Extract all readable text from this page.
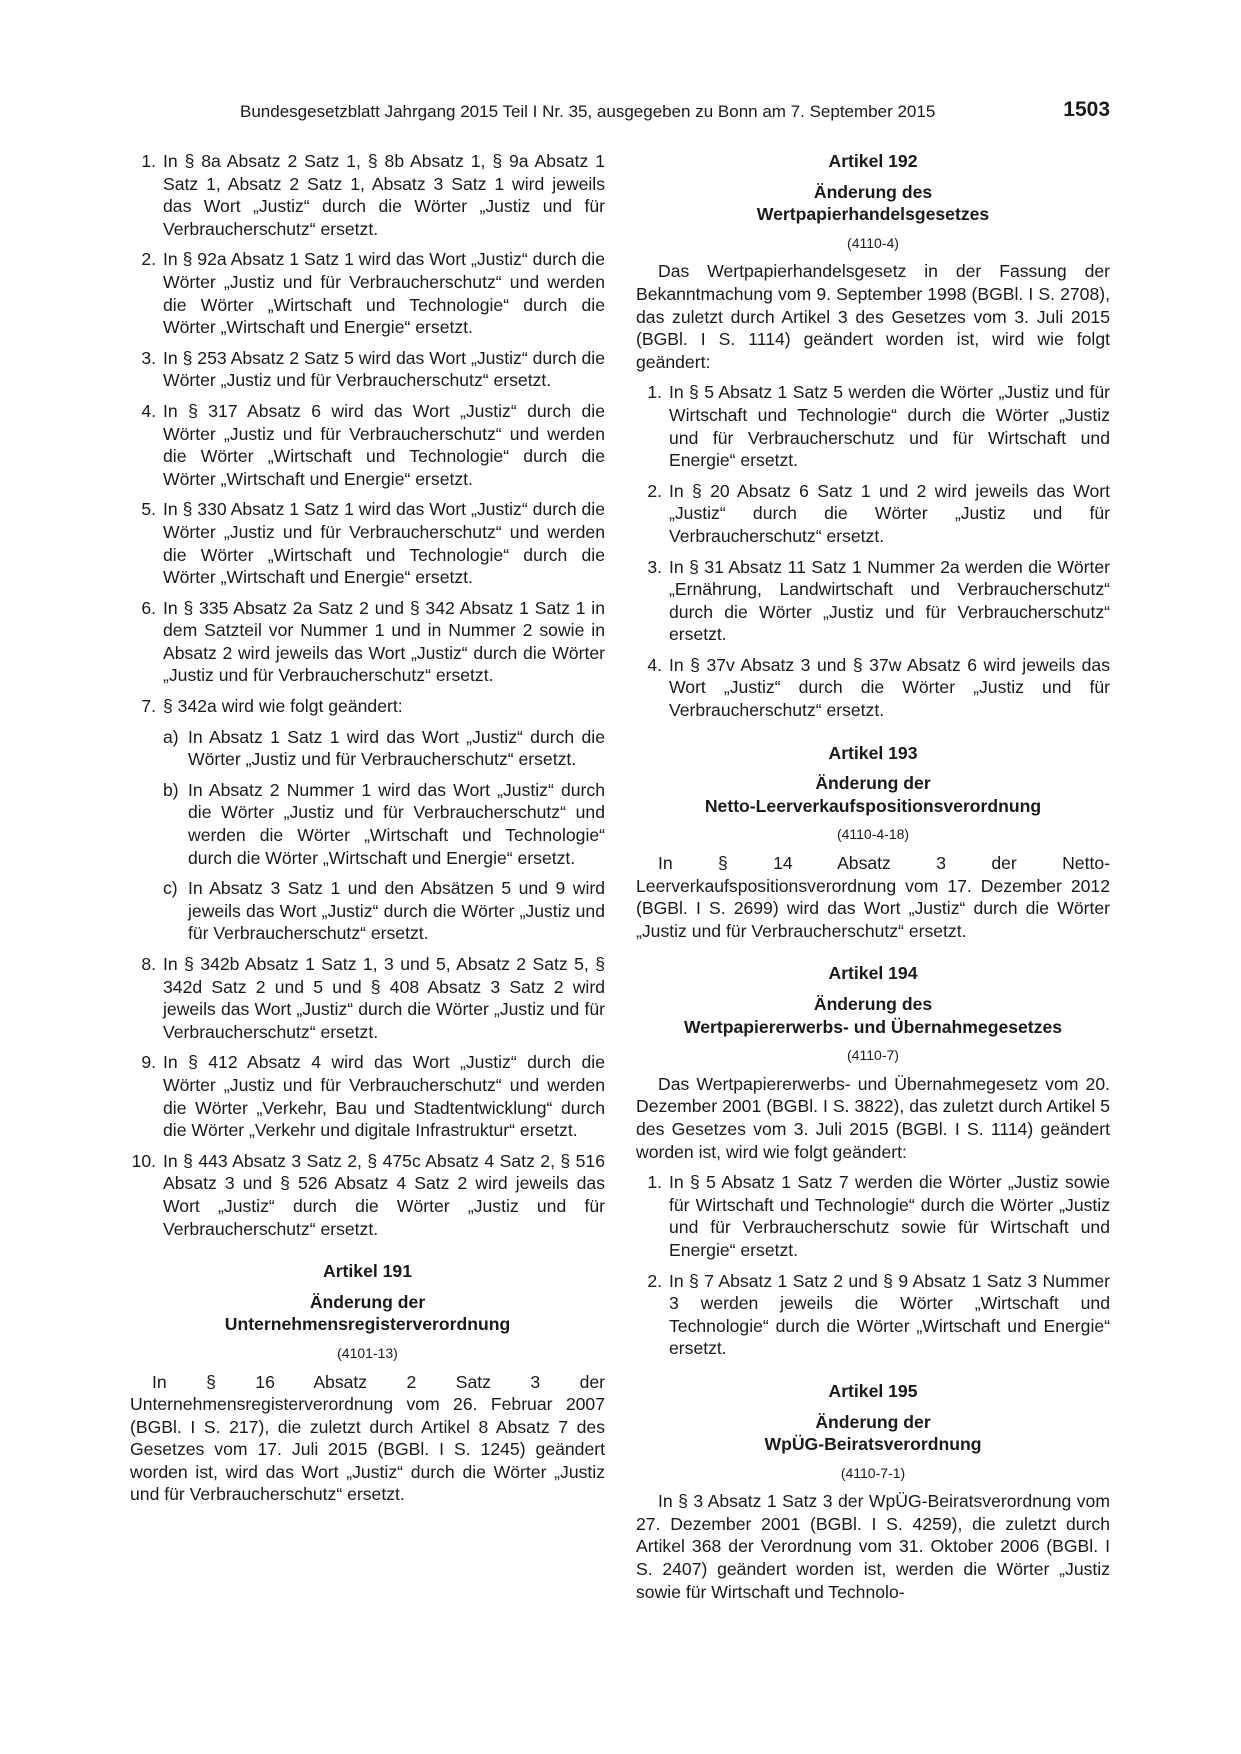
Bundesgesetzblatt Jahrgang 2015 Teil I Nr. 35, ausgegeben zu Bonn am 7. September 2015	1503
1. In § 8a Absatz 2 Satz 1, § 8b Absatz 1, § 9a Absatz 1 Satz 1, Absatz 2 Satz 1, Absatz 3 Satz 1 wird jeweils das Wort „Justiz“ durch die Wörter „Justiz und für Verbraucherschutz“ ersetzt.
2. In § 92a Absatz 1 Satz 1 wird das Wort „Justiz“ durch die Wörter „Justiz und für Verbraucherschutz“ und werden die Wörter „Wirtschaft und Technologie“ durch die Wörter „Wirtschaft und Energie“ ersetzt.
3. In § 253 Absatz 2 Satz 5 wird das Wort „Justiz“ durch die Wörter „Justiz und für Verbraucherschutz“ ersetzt.
4. In § 317 Absatz 6 wird das Wort „Justiz“ durch die Wörter „Justiz und für Verbraucherschutz“ und werden die Wörter „Wirtschaft und Technologie“ durch die Wörter „Wirtschaft und Energie“ ersetzt.
5. In § 330 Absatz 1 Satz 1 wird das Wort „Justiz“ durch die Wörter „Justiz und für Verbraucherschutz“ und werden die Wörter „Wirtschaft und Technologie“ durch die Wörter „Wirtschaft und Energie“ ersetzt.
6. In § 335 Absatz 2a Satz 2 und § 342 Absatz 1 Satz 1 in dem Satzteil vor Nummer 1 und in Nummer 2 sowie in Absatz 2 wird jeweils das Wort „Justiz“ durch die Wörter „Justiz und für Verbraucherschutz“ ersetzt.
7. § 342a wird wie folgt geändert:
a) In Absatz 1 Satz 1 wird das Wort „Justiz“ durch die Wörter „Justiz und für Verbraucherschutz“ ersetzt.
b) In Absatz 2 Nummer 1 wird das Wort „Justiz“ durch die Wörter „Justiz und für Verbraucherschutz“ und werden die Wörter „Wirtschaft und Technologie“ durch die Wörter „Wirtschaft und Energie“ ersetzt.
c) In Absatz 3 Satz 1 und den Absätzen 5 und 9 wird jeweils das Wort „Justiz“ durch die Wörter „Justiz und für Verbraucherschutz“ ersetzt.
8. In § 342b Absatz 1 Satz 1, 3 und 5, Absatz 2 Satz 5, § 342d Satz 2 und 5 und § 408 Absatz 3 Satz 2 wird jeweils das Wort „Justiz“ durch die Wörter „Justiz und für Verbraucherschutz“ ersetzt.
9. In § 412 Absatz 4 wird das Wort „Justiz“ durch die Wörter „Justiz und für Verbraucherschutz“ und werden die Wörter „Verkehr, Bau und Stadtentwicklung“ durch die Wörter „Verkehr und digitale Infrastruktur“ ersetzt.
10. In § 443 Absatz 3 Satz 2, § 475c Absatz 4 Satz 2, § 516 Absatz 3 und § 526 Absatz 4 Satz 2 wird jeweils das Wort „Justiz“ durch die Wörter „Justiz und für Verbraucherschutz“ ersetzt.
Artikel 191
Änderung der
Unternehmensregisterverordnung
(4101-13)
In § 16 Absatz 2 Satz 3 der Unternehmensregisterverordnung vom 26. Februar 2007 (BGBl. I S. 217), die zuletzt durch Artikel 8 Absatz 7 des Gesetzes vom 17. Juli 2015 (BGBl. I S. 1245) geändert worden ist, wird das Wort „Justiz“ durch die Wörter „Justiz und für Verbraucherschutz“ ersetzt.
Artikel 192
Änderung des
Wertpapierhandelsgesetzes
(4110-4)
Das Wertpapierhandelsgesetz in der Fassung der Bekanntmachung vom 9. September 1998 (BGBl. I S. 2708), das zuletzt durch Artikel 3 des Gesetzes vom 3. Juli 2015 (BGBl. I S. 1114) geändert worden ist, wird wie folgt geändert:
1. In § 5 Absatz 1 Satz 5 werden die Wörter „Justiz und für Wirtschaft und Technologie“ durch die Wörter „Justiz und für Verbraucherschutz und für Wirtschaft und Energie“ ersetzt.
2. In § 20 Absatz 6 Satz 1 und 2 wird jeweils das Wort „Justiz“ durch die Wörter „Justiz und für Verbraucherschutz“ ersetzt.
3. In § 31 Absatz 11 Satz 1 Nummer 2a werden die Wörter „Ernährung, Landwirtschaft und Verbraucherschutz“ durch die Wörter „Justiz und für Verbraucherschutz“ ersetzt.
4. In § 37v Absatz 3 und § 37w Absatz 6 wird jeweils das Wort „Justiz“ durch die Wörter „Justiz und für Verbraucherschutz“ ersetzt.
Artikel 193
Änderung der
Netto-Leerverkaufspositionsverordnung
(4110-4-18)
In § 14 Absatz 3 der Netto-Leerverkaufspositionsverordnung vom 17. Dezember 2012 (BGBl. I S. 2699) wird das Wort „Justiz“ durch die Wörter „Justiz und für Verbraucherschutz“ ersetzt.
Artikel 194
Änderung des
Wertpapiererwerbs- und Übernahmegesetzes
(4110-7)
Das Wertpapiererwerbs- und Übernahmegesetz vom 20. Dezember 2001 (BGBl. I S. 3822), das zuletzt durch Artikel 5 des Gesetzes vom 3. Juli 2015 (BGBl. I S. 1114) geändert worden ist, wird wie folgt geändert:
1. In § 5 Absatz 1 Satz 7 werden die Wörter „Justiz sowie für Wirtschaft und Technologie“ durch die Wörter „Justiz und für Verbraucherschutz sowie für Wirtschaft und Energie“ ersetzt.
2. In § 7 Absatz 1 Satz 2 und § 9 Absatz 1 Satz 3 Nummer 3 werden jeweils die Wörter „Wirtschaft und Technologie“ durch die Wörter „Wirtschaft und Energie“ ersetzt.
Artikel 195
Änderung der
WpÜG-Beiratsverordnung
(4110-7-1)
In § 3 Absatz 1 Satz 3 der WpÜG-Beiratsverordnung vom 27. Dezember 2001 (BGBl. I S. 4259), die zuletzt durch Artikel 368 der Verordnung vom 31. Oktober 2006 (BGBl. I S. 2407) geändert worden ist, werden die Wörter „Justiz sowie für Wirtschaft und Technolo-
